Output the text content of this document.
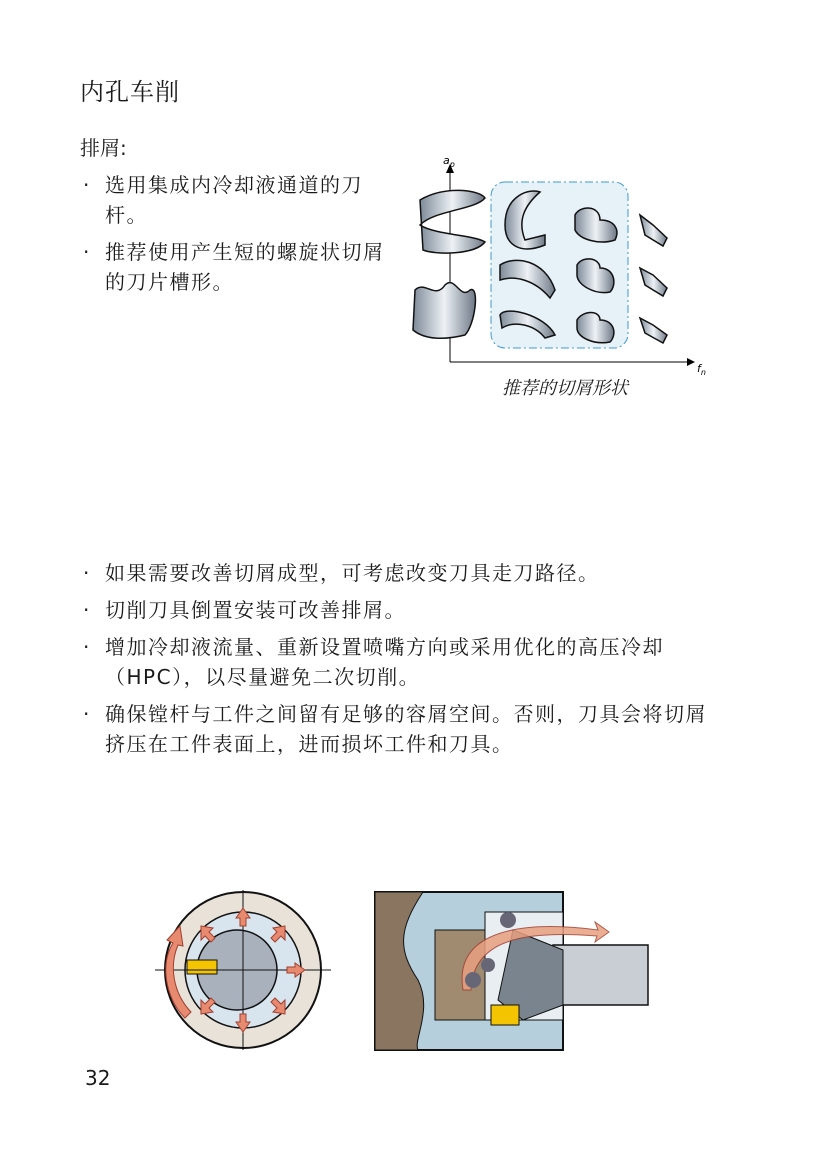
内孔车削
排屑:
· 选用集成内冷却液通道的刀杆。
· 推荐使用产生短的螺旋状切屑的刀片槽形。
$a_p$
$f_n$
推荐的切屑形状
· 如果需要改善切屑成型，可考虑改变刀具走刀路径。
· 切削刀具倒置安装可改善排屑。
· 增加冷却液流量、重新设置喷嘴方向或采用优化的高压冷却（HPC），以尽量避免二次切削。
· 确保镗杆与工件之间留有足够的容屑空间。否则，刀具会将切屑挤压在工件表面上，进而损坏工件和刀具。
32
